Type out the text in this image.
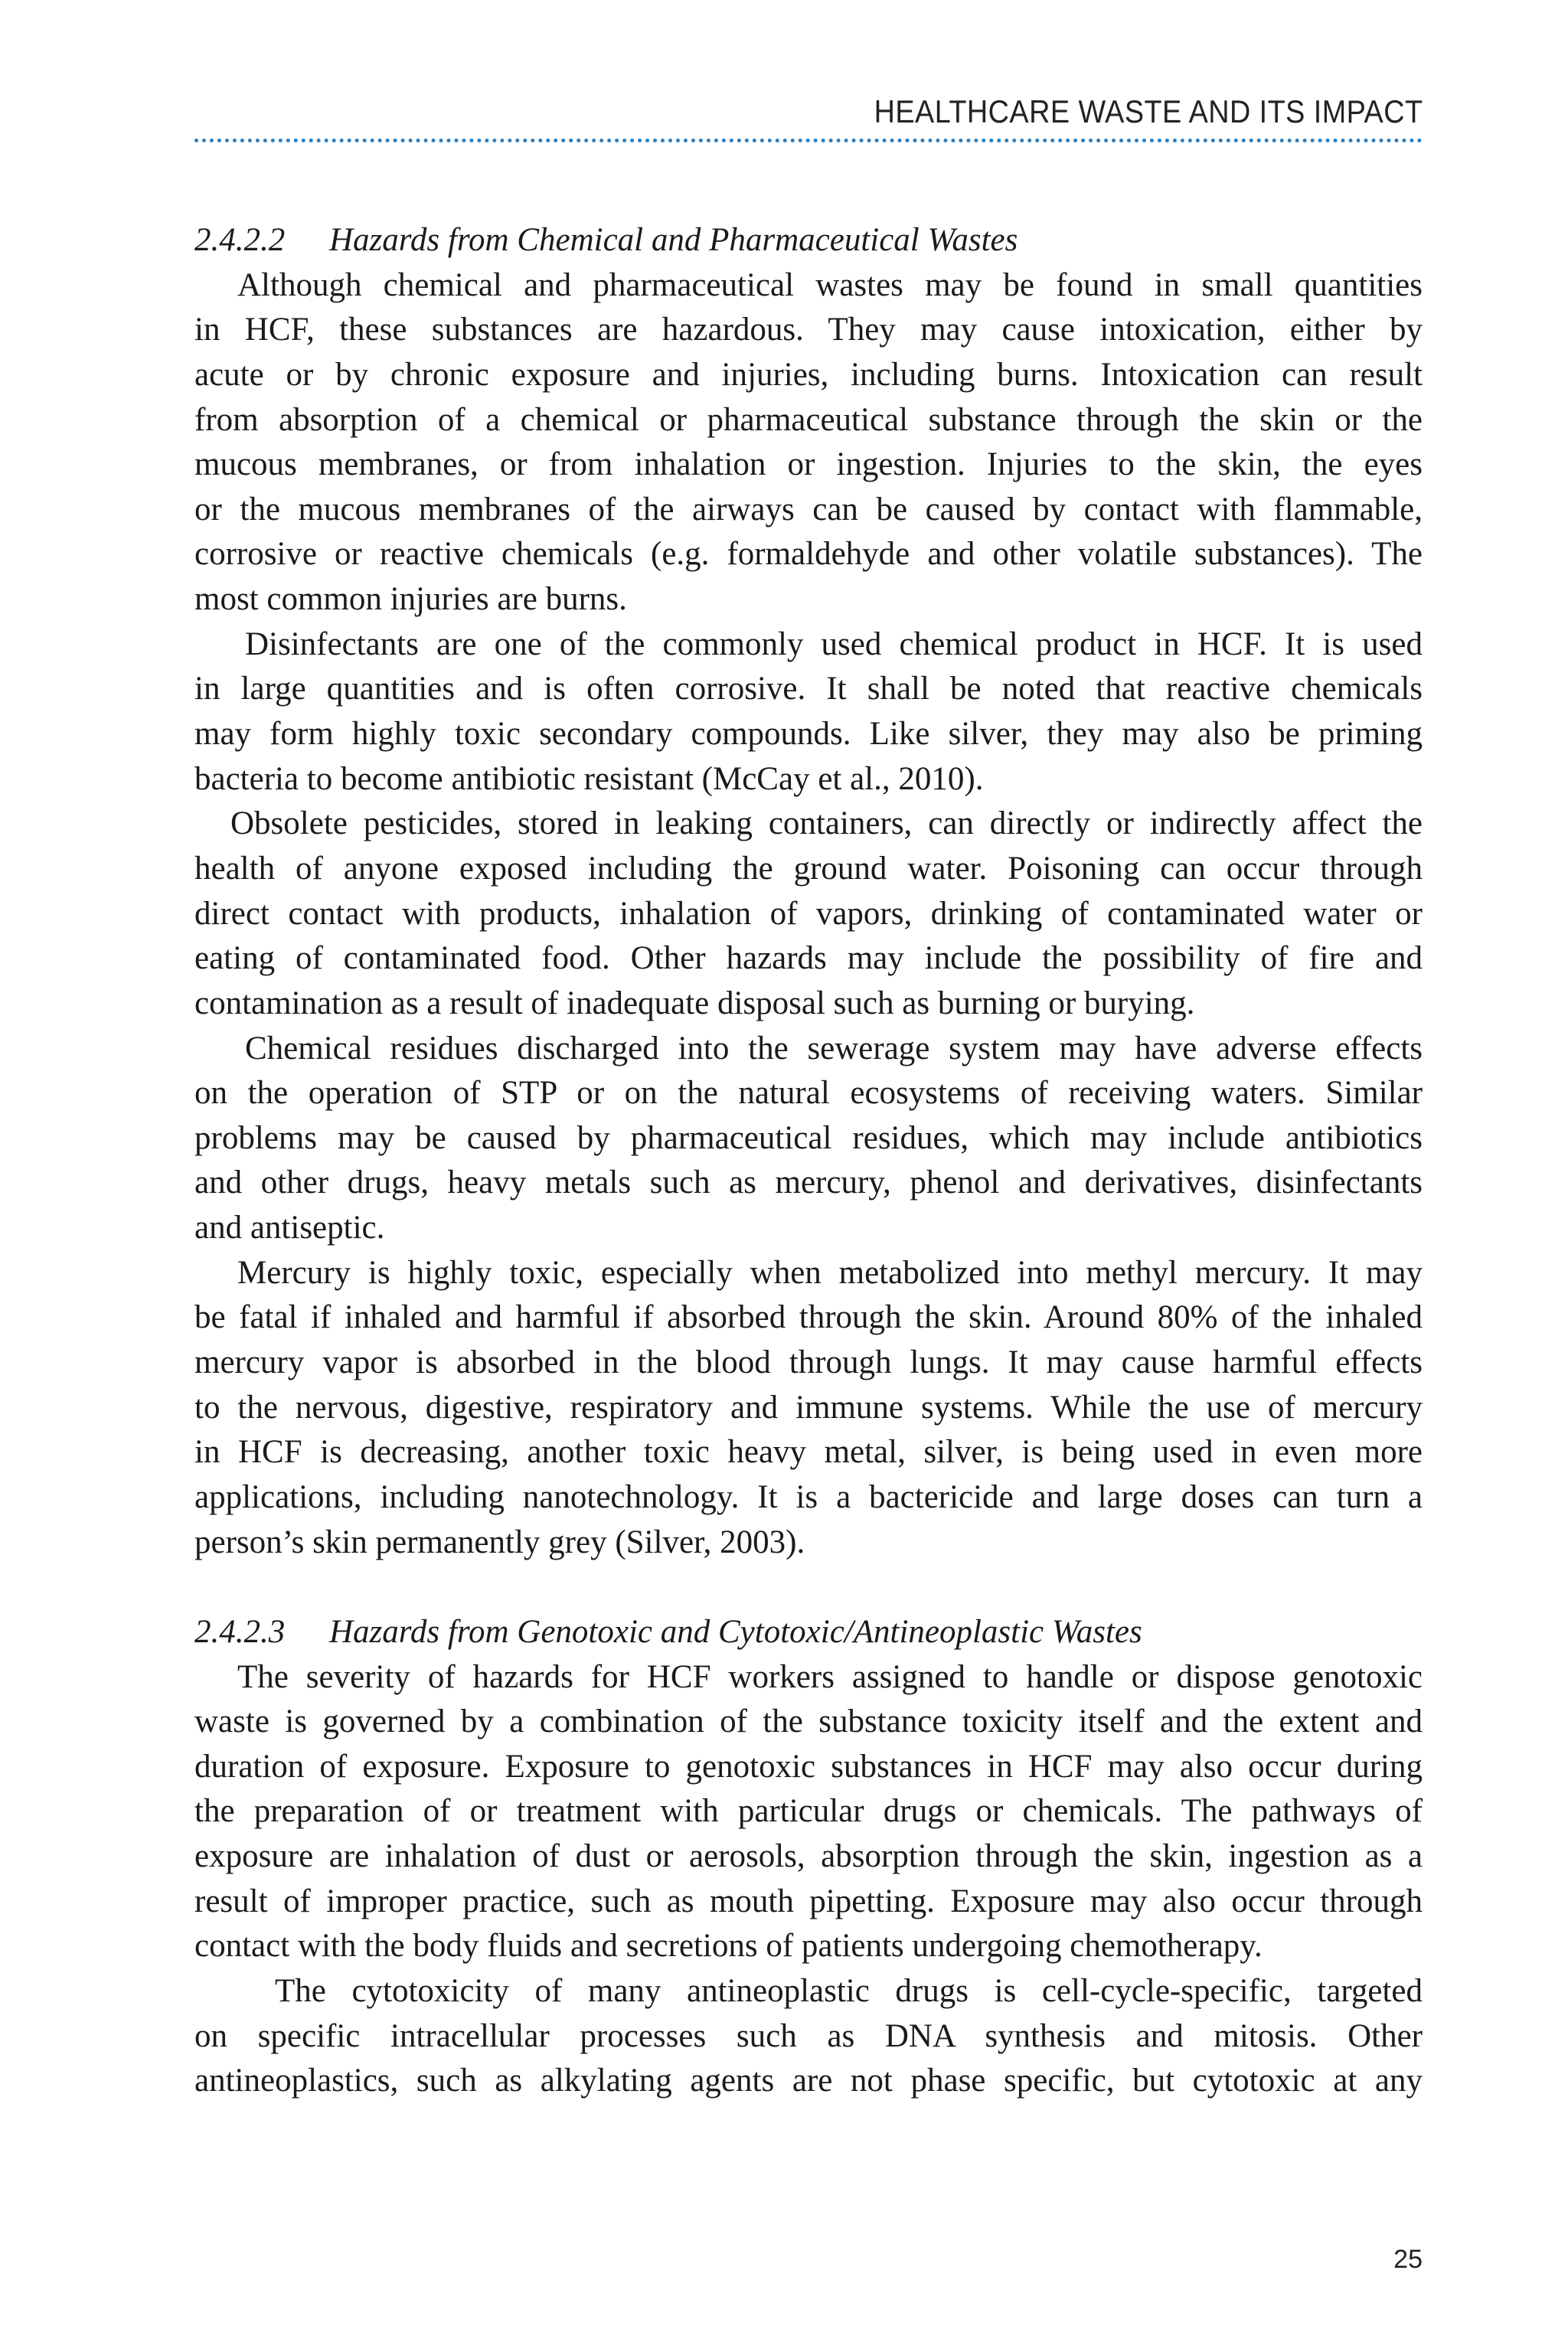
HEALTHCARE WASTE AND ITS IMPACT
2.4.2.2 Hazards from Chemical and Pharmaceutical Wastes
Although chemical and pharmaceutical wastes may be found in small quantities
in HCF, these substances are hazardous. They may cause intoxication, either by
acute or by chronic exposure and injuries, including burns. Intoxication can result
from absorption of a chemical or pharmaceutical substance through the skin or the
mucous membranes, or from inhalation or ingestion. Injuries to the skin, the eyes
or the mucous membranes of the airways can be caused by contact with flammable,
corrosive or reactive chemicals (e.g. formaldehyde and other volatile substances). The
most common injuries are burns.
Disinfectants are one of the commonly used chemical product in HCF. It is used
in large quantities and is often corrosive. It shall be noted that reactive chemicals
may form highly toxic secondary compounds. Like silver, they may also be priming
bacteria to become antibiotic resistant (McCay et al., 2010).
Obsolete pesticides, stored in leaking containers, can directly or indirectly affect the
health of anyone exposed including the ground water. Poisoning can occur through
direct contact with products, inhalation of vapors, drinking of contaminated water or
eating of contaminated food. Other hazards may include the possibility of fire and
contamination as a result of inadequate disposal such as burning or burying.
Chemical residues discharged into the sewerage system may have adverse effects
on the operation of STP or on the natural ecosystems of receiving waters. Similar
problems may be caused by pharmaceutical residues, which may include antibiotics
and other drugs, heavy metals such as mercury, phenol and derivatives, disinfectants
and antiseptic.
Mercury is highly toxic, especially when metabolized into methyl mercury. It may
be fatal if inhaled and harmful if absorbed through the skin. Around 80% of the inhaled
mercury vapor is absorbed in the blood through lungs. It may cause harmful effects
to the nervous, digestive, respiratory and immune systems. While the use of mercury
in HCF is decreasing, another toxic heavy metal, silver, is being used in even more
applications, including nanotechnology. It is a bactericide and large doses can turn a
person’s skin permanently grey (Silver, 2003).
2.4.2.3 Hazards from Genotoxic and Cytotoxic/Antineoplastic Wastes
The severity of hazards for HCF workers assigned to handle or dispose genotoxic
waste is governed by a combination of the substance toxicity itself and the extent and
duration of exposure. Exposure to genotoxic substances in HCF may also occur during
the preparation of or treatment with particular drugs or chemicals. The pathways of
exposure are inhalation of dust or aerosols, absorption through the skin, ingestion as a
result of improper practice, such as mouth pipetting. Exposure may also occur through
contact with the body fluids and secretions of patients undergoing chemotherapy.
The cytotoxicity of many antineoplastic drugs is cell-cycle-specific, targeted
on specific intracellular processes such as DNA synthesis and mitosis. Other
antineoplastics, such as alkylating agents are not phase specific, but cytotoxic at any
25
